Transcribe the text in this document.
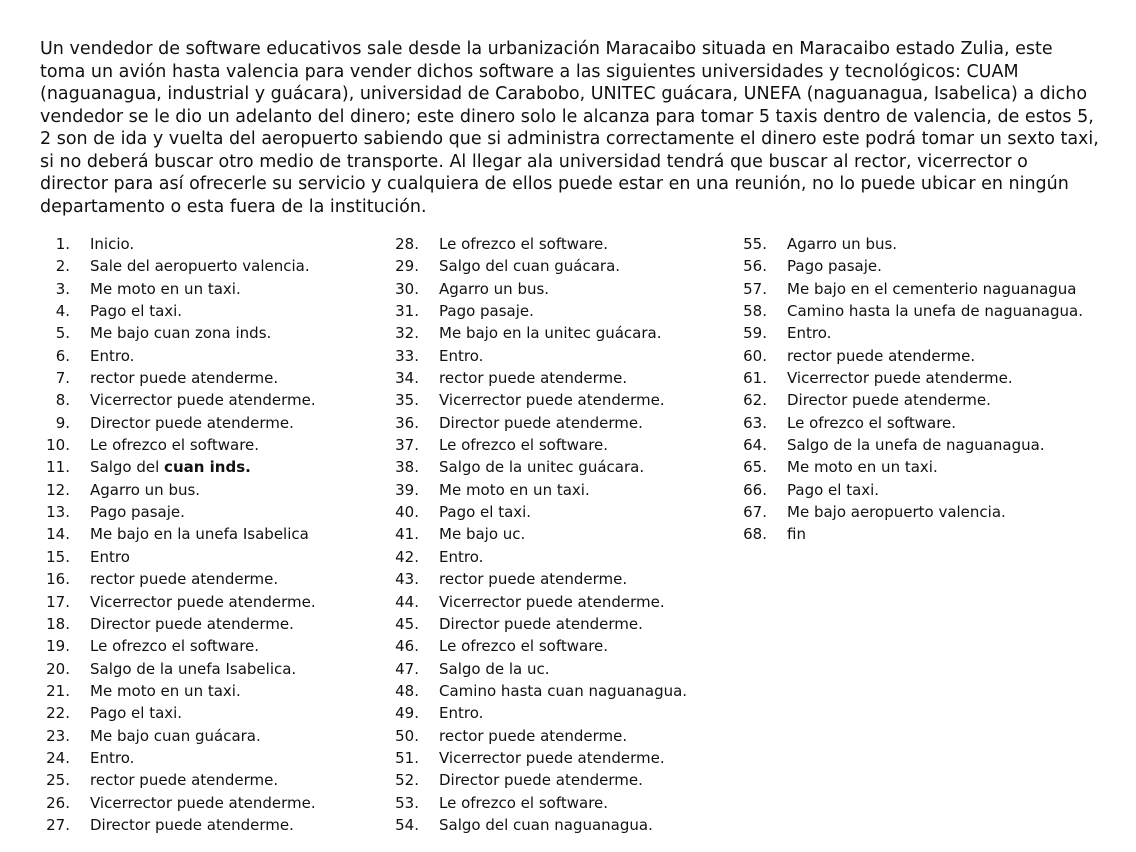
Un vendedor de software educativos sale desde la urbanización Maracaibo situada en Maracaibo estado Zulia, este toma un avión hasta valencia para vender dichos software a las siguientes universidades y tecnológicos: CUAM (naguanagua, industrial y guácara), universidad de Carabobo, UNITEC guácara, UNEFA (naguanagua, Isabelica) a dicho vendedor se le dio un adelanto del dinero; este dinero solo le alcanza para tomar 5 taxis dentro de valencia, de estos 5, 2 son de ida y vuelta del aeropuerto sabiendo que si administra correctamente el dinero este podrá tomar un sexto taxi, si no deberá buscar otro medio de transporte. Al llegar ala universidad tendrá que buscar al rector, vicerrector o director para así ofrecerle su servicio y cualquiera de ellos puede estar en una reunión, no lo puede ubicar en ningún departamento o esta fuera de la institución.

1. Inicio.
2. Sale del aeropuerto valencia.
3. Me moto en un taxi.
4. Pago el taxi.
5. Me bajo cuan zona inds.
6. Entro.
7. rector puede atenderme.
8. Vicerrector puede atenderme.
9. Director puede atenderme.
10. Le ofrezco el software.
11. Salgo del cuan inds.
12. Agarro un bus.
13. Pago pasaje.
14. Me bajo en la unefa Isabelica
15. Entro
16. rector puede atenderme.
17. Vicerrector puede atenderme.
18. Director puede atenderme.
19. Le ofrezco el software.
20. Salgo de la unefa Isabelica.
21. Me moto en un taxi.
22. Pago el taxi.
23. Me bajo cuan guácara.
24. Entro.
25. rector puede atenderme.
26. Vicerrector puede atenderme.
27. Director puede atenderme.
28. Le ofrezco el software.
29. Salgo del cuan guácara.
30. Agarro un bus.
31. Pago pasaje.
32. Me bajo en la unitec guácara.
33. Entro.
34. rector puede atenderme.
35. Vicerrector puede atenderme.
36. Director puede atenderme.
37. Le ofrezco el software.
38. Salgo de la unitec guácara.
39. Me moto en un taxi.
40. Pago el taxi.
41. Me bajo uc.
42. Entro.
43. rector puede atenderme.
44. Vicerrector puede atenderme.
45. Director puede atenderme.
46. Le ofrezco el software.
47. Salgo de la uc.
48. Camino hasta cuan naguanagua.
49. Entro.
50. rector puede atenderme.
51. Vicerrector puede atenderme.
52. Director puede atenderme.
53. Le ofrezco el software.
54. Salgo del cuan naguanagua.
55. Agarro un bus.
56. Pago pasaje.
57. Me bajo en el cementerio naguanagua
58. Camino hasta la unefa de naguanagua.
59. Entro.
60. rector puede atenderme.
61. Vicerrector puede atenderme.
62. Director puede atenderme.
63. Le ofrezco el software.
64. Salgo de la unefa de naguanagua.
65. Me moto en un taxi.
66. Pago el taxi.
67. Me bajo aeropuerto valencia.
68. fin
